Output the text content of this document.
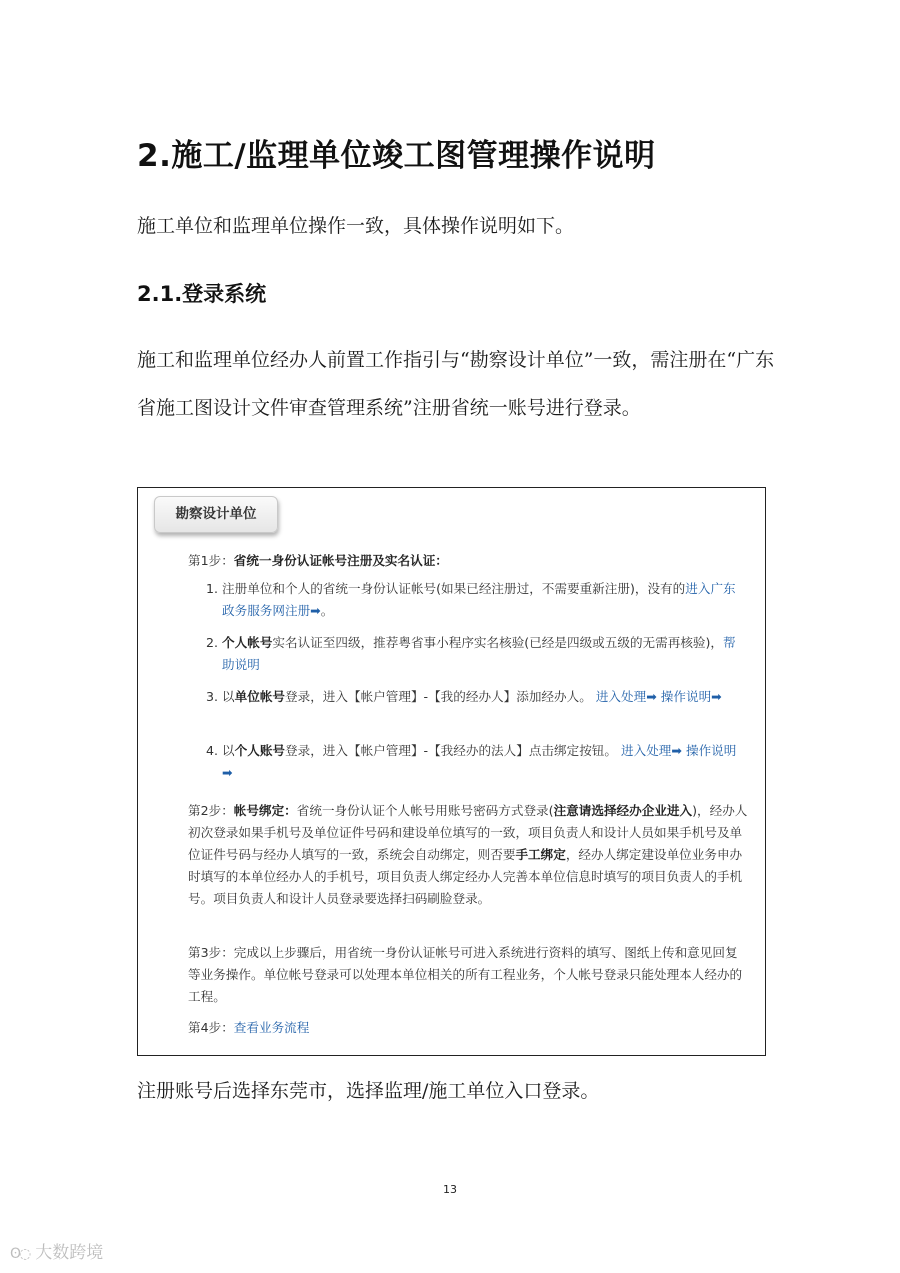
2.施工/监理单位竣工图管理操作说明
施工单位和监理单位操作一致，具体操作说明如下。
2.1.登录系统
施工和监理单位经办人前置工作指引与“勘察设计单位”一致，需注册在“广东省施工图设计文件审查管理系统”注册省统一账号进行登录。
勘察设计单位
第1步：省统一身份认证帐号注册及实名认证：
1. 注册单位和个人的省统一身份认证帐号(如果已经注册过，不需要重新注册)，没有的进入广东政务服务网注册➡。
2. 个人帐号实名认证至四级，推荐粤省事小程序实名核验(已经是四级或五级的无需再核验)，帮助说明
3. 以单位帐号登录，进入【帐户管理】-【我的经办人】添加经办人。 进入处理➡ 操作说明➡
4. 以个人账号登录，进入【帐户管理】-【我经办的法人】点击绑定按钮。 进入处理➡ 操作说明➡
第2步：帐号绑定：省统一身份认证个人帐号用账号密码方式登录(注意请选择经办企业进入)，经办人初次登录如果手机号及单位证件号码和建设单位填写的一致，项目负责人和设计人员如果手机号及单位证件号码与经办人填写的一致，系统会自动绑定，则否要手工绑定，经办人绑定建设单位业务申办时填写的本单位经办人的手机号，项目负责人绑定经办人完善本单位信息时填写的项目负责人的手机号。项目负责人和设计人员登录要选择扫码刷脸登录。
第3步：完成以上步骤后，用省统一身份认证帐号可进入系统进行资料的填写、图纸上传和意见回复等业务操作。单位帐号登录可以处理本单位相关的所有工程业务，个人帐号登录只能处理本人经办的工程。
第4步：查看业务流程
注册账号后选择东莞市，选择监理/施工单位入口登录。
13
ʘ◌ 大数跨境
